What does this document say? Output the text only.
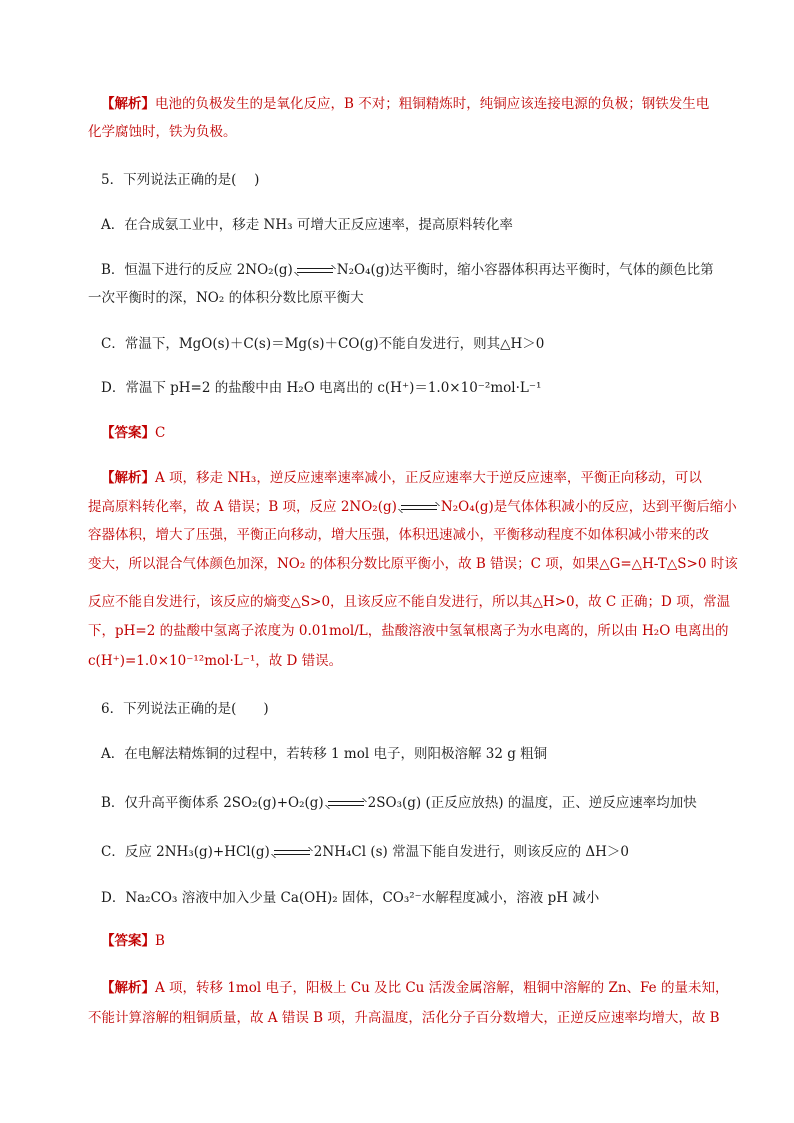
【解析】电池的负极发生的是氧化反应，B 不对；粗铜精炼时，纯铜应该连接电源的负极；钢铁发生电
化学腐蚀时，铁为负极。
5．下列说法正确的是(　 )
A．在合成氨工业中，移走 NH₃ 可增大正反应速率，提高原料转化率
B．恒温下进行的反应 2NO₂(g)	N₂O₄(g)达平衡时，缩小容器体积再达平衡时，气体的颜色比第
一次平衡时的深，NO₂ 的体积分数比原平衡大
C．常温下，MgO(s)＋C(s)＝Mg(s)＋CO(g)不能自发进行，则其△H＞0
D．常温下 pH=2 的盐酸中由 H₂O 电离出的 c(H⁺)＝1.0×10⁻²mol·L⁻¹
【答案】C
【解析】A 项，移走 NH₃，逆反应速率速率减小，正反应速率大于逆反应速率，平衡正向移动，可以
提高原料转化率，故 A 错误；B 项，反应 2NO₂(g)	N₂O₄(g)是气体体积减小的反应，达到平衡后缩小
容器体积，增大了压强，平衡正向移动，增大压强，体积迅速减小，平衡移动程度不如体积减小带来的改
变大，所以混合气体颜色加深，NO₂ 的体积分数比原平衡小，故 B 错误；C 项，如果△G=△H-T△S>0 时该
反应不能自发进行，该反应的熵变△S>0，且该反应不能自发进行，所以其△H>0，故 C 正确；D 项，常温
下，pH=2 的盐酸中氢离子浓度为 0.01mol/L，盐酸溶液中氢氧根离子为水电离的，所以由 H₂O 电离出的
c(H⁺)=1.0×10⁻¹²mol·L⁻¹，故 D 错误。
6．下列说法正确的是(　　)
A．在电解法精炼铜的过程中，若转移 1 mol 电子，则阳极溶解 32 g 粗铜
B．仅升高平衡体系 2SO₂(g)+O₂(g)	2SO₃(g) (正反应放热) 的温度，正、逆反应速率均加快
C．反应 2NH₃(g)+HCl(g)	2NH₄Cl (s) 常温下能自发进行，则该反应的 ΔH＞0
D．Na₂CO₃ 溶液中加入少量 Ca(OH)₂ 固体，CO₃²⁻水解程度减小，溶液 pH 减小
【答案】B
【解析】A 项，转移 1mol 电子，阳极上 Cu 及比 Cu 活泼金属溶解，粗铜中溶解的 Zn、Fe 的量未知，
不能计算溶解的粗铜质量，故 A 错误 B 项，升高温度，活化分子百分数增大，正逆反应速率均增大，故 B
